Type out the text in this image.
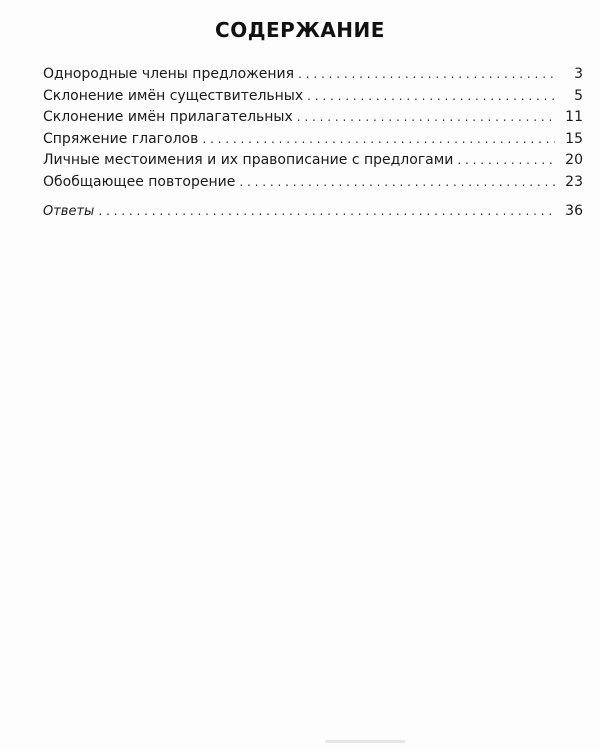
СОДЕРЖАНИЕ
Однородные члены предложения . . .	3
Склонение имён существительных . . .	5
Склонение имён прилагательных . . .	11
Спряжение глаголов . . .	15
Личные местоимения и их правописание с предлогами . . .	20
Обобщающее повторение . . .	23
Ответы . . .	36
